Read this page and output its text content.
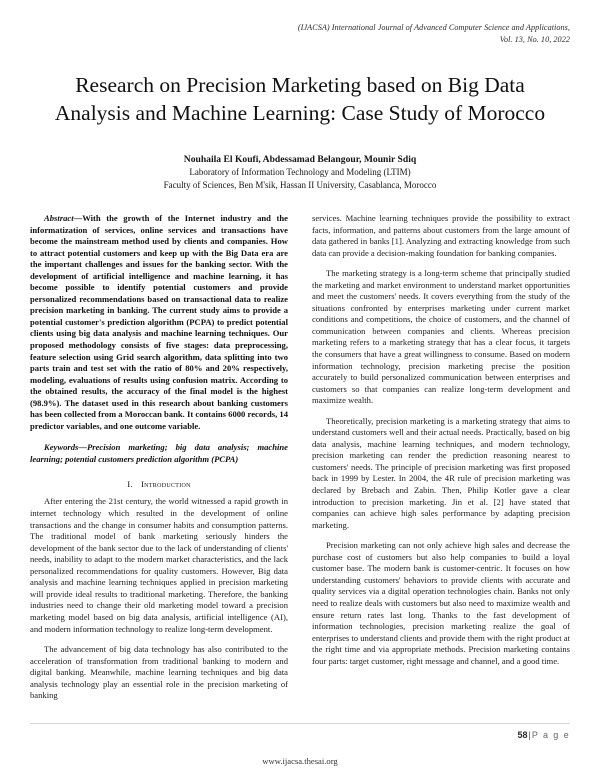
(IJACSA) International Journal of Advanced Computer Science and Applications,
Vol. 13, No. 10, 2022
Research on Precision Marketing based on Big Data Analysis and Machine Learning: Case Study of Morocco
Nouhaila El Koufi, Abdessamad Belangour, Mounir Sdiq
Laboratory of Information Technology and Modeling (LTIM)
Faculty of Sciences, Ben M'sik, Hassan II University, Casablanca, Morocco

Abstract—With the growth of the Internet industry and the informatization of services, online services and transactions have become the mainstream method used by clients and companies. How to attract potential customers and keep up with the Big Data era are the important challenges and issues for the banking sector. With the development of artificial intelligence and machine learning, it has become possible to identify potential customers and provide personalized recommendations based on transactional data to realize precision marketing in banking. The current study aims to provide a potential customer's prediction algorithm (PCPA) to predict potential clients using big data analysis and machine learning techniques. Our proposed methodology consists of five stages: data preprocessing, feature selection using Grid search algorithm, data splitting into two parts train and test set with the ratio of 80% and 20% respectively, modeling, evaluations of results using confusion matrix. According to the obtained results, the accuracy of the final model is the highest (98.9%). The dataset used in this research about banking customers has been collected from a Moroccan bank. It contains 6000 records, 14 predictor variables, and one outcome variable.

Keywords—Precision marketing; big data analysis; machine learning; potential customers prediction algorithm (PCPA)

I. Introduction

After entering the 21st century, the world witnessed a rapid growth in internet technology which resulted in the development of online transactions and the change in consumer habits and consumption patterns. The traditional model of bank marketing seriously hinders the development of the bank sector due to the lack of understanding of clients' needs, inability to adapt to the modern market characteristics, and the lack personalized recommendations for quality customers. However, Big data analysis and machine learning techniques applied in precision marketing will provide ideal results to traditional marketing. Therefore, the banking industries need to change their old marketing model toward a precision marketing model based on big data analysis, artificial intelligence (AI), and modern information technology to realize long-term development.

The advancement of big data technology has also contributed to the acceleration of transformation from traditional banking to modern and digital banking. Meanwhile, machine learning techniques and big data analysis technology play an essential role in the precision marketing of banking

services. Machine learning techniques provide the possibility to extract facts, information, and patterns about customers from the large amount of data gathered in banks [1]. Analyzing and extracting knowledge from such data can provide a decision-making foundation for banking companies.

The marketing strategy is a long-term scheme that principally studied the marketing and market environment to understand market opportunities and meet the customers' needs. It covers everything from the study of the situations confronted by enterprises marketing under current market conditions and competitions, the choice of customers, and the channel of communication between companies and clients. Whereas precision marketing refers to a marketing strategy that has a clear focus, it targets the consumers that have a great willingness to consume. Based on modern information technology, precision marketing precise the position accurately to build personalized communication between enterprises and customers so that companies can realize long-term development and maximize wealth.

Theoretically, precision marketing is a marketing strategy that aims to understand customers well and their actual needs. Practically, based on big data analysis, machine learning techniques, and modern technology, precision marketing can render the prediction reasoning nearest to customers' needs. The principle of precision marketing was first proposed back in 1999 by Lester. In 2004, the 4R rule of precision marketing was declared by Brebach and Zabin. Then, Philip Kotler gave a clear introduction to precision marketing. Jin et al. [2] have stated that companies can achieve high sales performance by adapting precision marketing.

Precision marketing can not only achieve high sales and decrease the purchase cost of customers but also help companies to build a loyal customer base. The modern bank is customer-centric. It focuses on how understanding customers' behaviors to provide clients with accurate and quality services via a digital operation technologies chain. Banks not only need to realize deals with customers but also need to maximize wealth and ensure return rates last long. Thanks to the fast development of information technologies, precision marketing realize the goal of enterprises to understand clients and provide them with the right product at the right time and via appropriate methods. Precision marketing contains four parts: target customer, right message and channel, and a good time.

58|P a g e
www.ijacsa.thesai.org
